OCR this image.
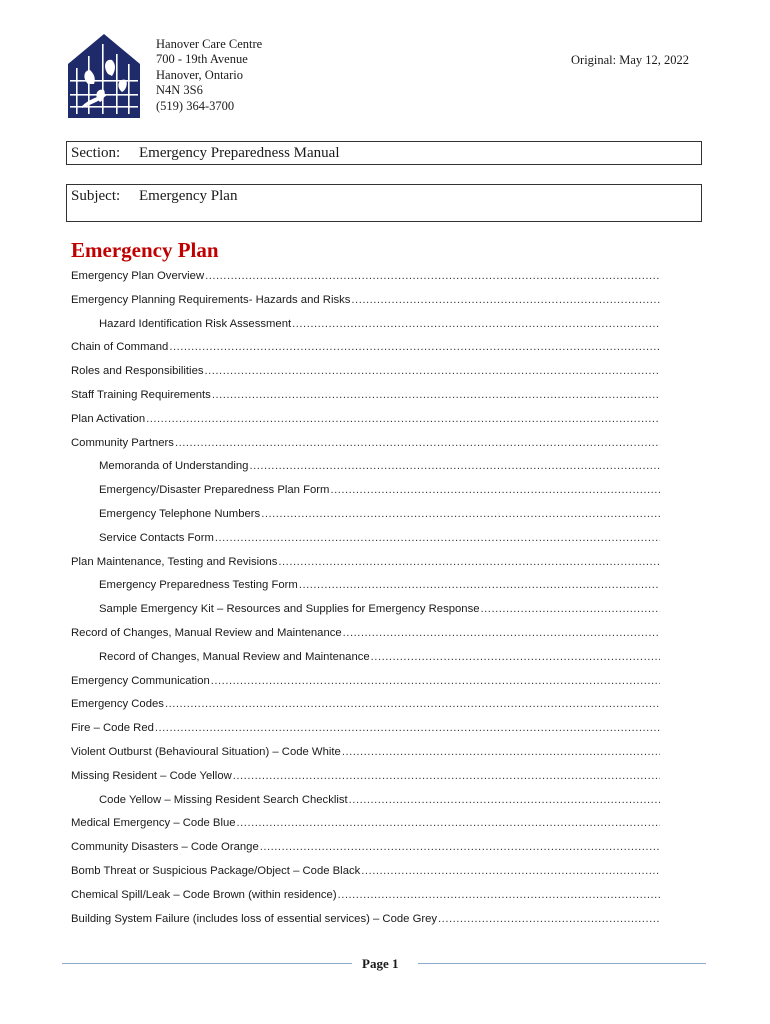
Hanover Care Centre
700 - 19th Avenue
Hanover, Ontario
N4N 3S6
(519) 364-3700
Original: May 12, 2022
Section: Emergency Preparedness Manual
Subject: Emergency Plan
Emergency Plan
Emergency Plan Overview
.....
Emergency Planning Requirements- Hazards and Risks
.....
Hazard Identification Risk Assessment
.....
Chain of Command
.....
Roles and Responsibilities
.....
Staff Training Requirements
.....
Plan Activation
.....
Community Partners
.....
Memoranda of Understanding
.....
Emergency/Disaster Preparedness Plan Form
.....
Emergency Telephone Numbers
.....
Service Contacts Form
.....
Plan Maintenance, Testing and Revisions
.....
Emergency Preparedness Testing Form
.....
Sample Emergency Kit – Resources and Supplies for Emergency Response
.....
Record of Changes, Manual Review and Maintenance
.....
Record of Changes, Manual Review and Maintenance
.....
Emergency Communication
.....
Emergency Codes
.....
Fire – Code Red
.....
Violent Outburst (Behavioural Situation) – Code White
.....
Missing Resident – Code Yellow
.....
Code Yellow – Missing Resident Search Checklist
.....
Medical Emergency – Code Blue
.....
Community Disasters – Code Orange
.....
Bomb Threat or Suspicious Package/Object – Code Black
.....
Chemical Spill/Leak – Code Brown (within residence)
.....
Building System Failure (includes loss of essential services) – Code Grey
.....
Page 1
